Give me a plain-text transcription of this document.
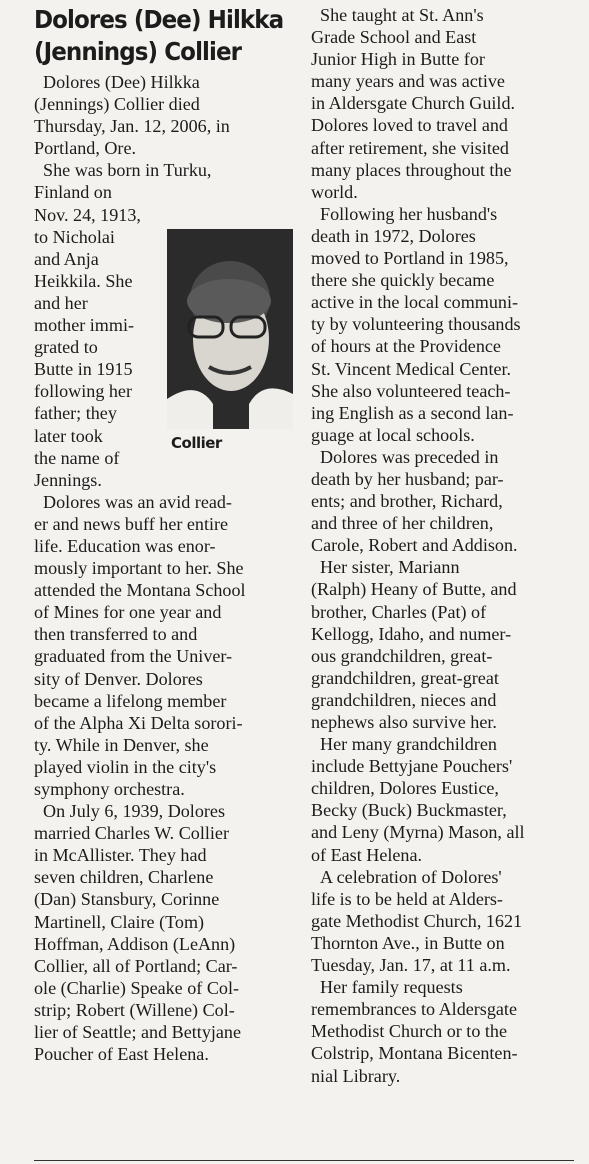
Dolores (Dee) Hilkka
(Jennings) Collier
Dolores (Dee) Hilkka
(Jennings) Collier died
Thursday, Jan. 12, 2006, in
Portland, Ore.
She was born in Turku,
Finland on
Nov. 24, 1913,
to Nicholai
and Anja
Heikkila. She
and her
mother immi-
grated to
Butte in 1915
following her
father; they
later took
the name of
Jennings.
Dolores was an avid read-
er and news buff her entire
life. Education was enor-
mously important to her. She
attended the Montana School
of Mines for one year and
then transferred to and
graduated from the Univer-
sity of Denver. Dolores
became a lifelong member
of the Alpha Xi Delta sorori-
ty. While in Denver, she
played violin in the city's
symphony orchestra.
On July 6, 1939, Dolores
married Charles W. Collier
in McAllister. They had
seven children, Charlene
(Dan) Stansbury, Corinne
Martinell, Claire (Tom)
Hoffman, Addison (LeAnn)
Collier, all of Portland; Car-
ole (Charlie) Speake of Col-
strip; Robert (Willene) Col-
lier of Seattle; and Bettyjane
Poucher of East Helena.
She taught at St. Ann's
Grade School and East
Junior High in Butte for
many years and was active
in Aldersgate Church Guild.
Dolores loved to travel and
after retirement, she visited
many places throughout the
world.
Following her husband's
death in 1972, Dolores
moved to Portland in 1985,
there she quickly became
active in the local communi-
ty by volunteering thousands
of hours at the Providence
St. Vincent Medical Center.
She also volunteered teach-
ing English as a second lan-
guage at local schools.
Dolores was preceded in
death by her husband; par-
ents; and brother, Richard,
and three of her children,
Carole, Robert and Addison.
Her sister, Mariann
(Ralph) Heany of Butte, and
brother, Charles (Pat) of
Kellogg, Idaho, and numer-
ous grandchildren, great-
grandchildren, great-great
grandchildren, nieces and
nephews also survive her.
Her many grandchildren
include Bettyjane Pouchers'
children, Dolores Eustice,
Becky (Buck) Buckmaster,
and Leny (Myrna) Mason, all
of East Helena.
A celebration of Dolores'
life is to be held at Alders-
gate Methodist Church, 1621
Thornton Ave., in Butte on
Tuesday, Jan. 17, at 11 a.m.
Her family requests
remembrances to Aldersgate
Methodist Church or to the
Colstrip, Montana Bicenten-
nial Library.
Collier
